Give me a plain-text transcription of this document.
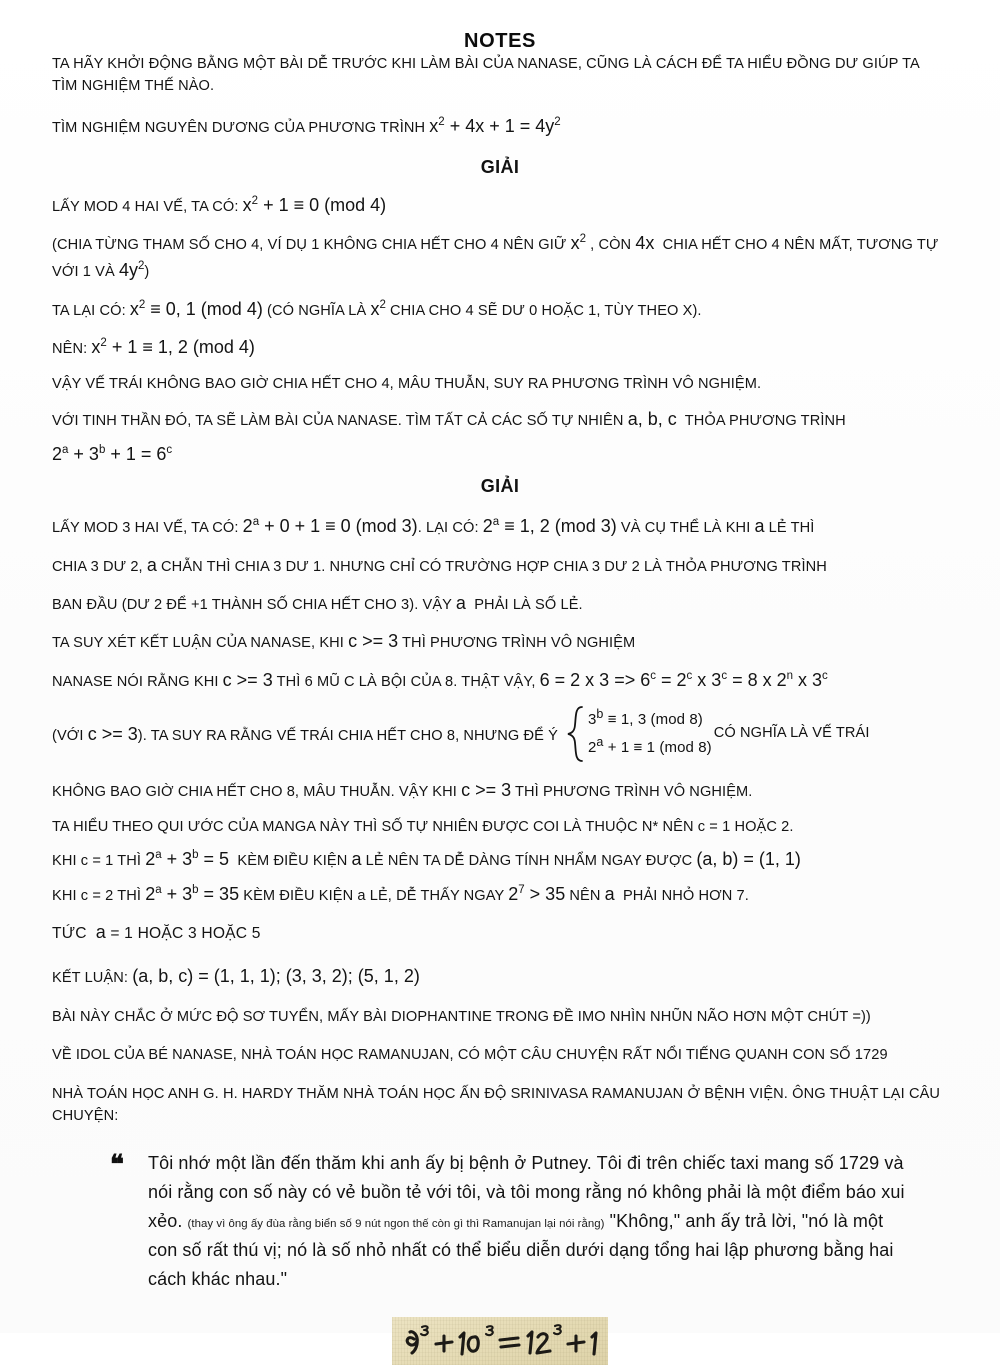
NOTES

TA HÃY KHỞI ĐỘNG BẰNG MỘT BÀI DỄ TRƯỚC KHI LÀM BÀI CỦA NANASE, CŨNG LÀ CÁCH ĐỂ TA HIỂU ĐỒNG DƯ GIÚP TA TÌM NGHIỆM THẾ NÀO.

TÌM NGHIỆM NGUYÊN DƯƠNG CỦA PHƯƠNG TRÌNH $x^2 + 4x + 1 = 4y^2$

GIẢI

LẤY MOD 4 HAI VẾ, TA CÓ: $x^2 + 1 \equiv 0$ (mod 4)

(CHIA TỪNG THAM SỐ CHO 4, VÍ DỤ 1 KHÔNG CHIA HẾT CHO 4 NÊN GIỮ $x^2$ , CÒN 4x  CHIA HẾT CHO 4 NÊN MẤT, TƯƠNG TỰ VỚI 1 VÀ $4y^2$)

TA LẠI CÓ: $x^2 \equiv 0$, 1 (mod 4) (CÓ NGHĨA LÀ $x^2$ CHIA CHO 4 SẼ DƯ 0 HOẶC 1, TÙY THEO X).

NÊN: $x^2 + 1 \equiv 1$, 2 (mod 4)

VẬY VẾ TRÁI KHÔNG BAO GIỜ CHIA HẾT CHO 4, MÂU THUẪN, SUY RA PHƯƠNG TRÌNH VÔ NGHIỆM.

VỚI TINH THẦN ĐÓ, TA SẼ LÀM BÀI CỦA NANASE. TÌM TẤT CẢ CÁC SỐ TỰ NHIÊN a, b, c  THỎA PHƯƠNG TRÌNH

$2^a + 3^b + 1 = 6^c$

GIẢI

LẤY MOD 3 HAI VẾ, TA CÓ: $2^a + 0 + 1 \equiv 0$ (mod 3). LẠI CÓ: $2^a \equiv 1$, 2 (mod 3) VÀ CỤ THỂ LÀ KHI a LẺ THÌ

CHIA 3 DƯ 2, a CHẴN THÌ CHIA 3 DƯ 1. NHƯNG CHỈ CÓ TRƯỜNG HỢP CHIA 3 DƯ 2 LÀ THỎA PHƯƠNG TRÌNH

BAN ĐẦU (DƯ 2 ĐỂ +1 THÀNH SỐ CHIA HẾT CHO 3). VẬY a  PHẢI LÀ SỐ LẺ.

TA SUY XÉT KẾT LUẬN CỦA NANASE, KHI c >= 3 THÌ PHƯƠNG TRÌNH VÔ NGHIỆM

NANASE NÓI RẰNG KHI c >= 3 THÌ 6 MŨ C LÀ BỘI CỦA 8. THẬT VẬY, 6 = 2 x $3 => 6^c = 2^c$ x $3^c = 8$ x 2$^n$ x 3$^c$

(VỚI c >= 3). TA SUY RA RẰNG VẾ TRÁI CHIA HẾT CHO 8, NHƯNG ĐỂ Ý
$3^b \equiv 1$, 3 (mod 8)
$2^a + 1 \equiv 1$ (mod 8)
CÓ NGHĨA LÀ VẾ TRÁI

KHÔNG BAO GIỜ CHIA HẾT CHO 8, MÂU THUẪN. VẬY KHI c >= 3 THÌ PHƯƠNG TRÌNH VÔ NGHIỆM.

TA HIỂU THEO QUI ƯỚC CỦA MANGA NÀY THÌ SỐ TỰ NHIÊN ĐƯỢC COI LÀ THUỘC N* NÊN c = 1 HOẶC 2.

KHI c = 1 THÌ $2^a + 3^b = 5$  KÈM ĐIỀU KIỆN a LẺ NÊN TA DỄ DÀNG TÍNH NHẨM NGAY ĐƯỢC (a, b) = (1, 1)

KHI c = 2 THÌ $2^a + 3^b = 35$ KÈM ĐIỀU KIỆN a LẺ, DỄ THẤY NGAY $2^7 > 35$ NÊN a  PHẢI NHỎ HƠN 7.

TỨC  a = 1 HOẶC 3 HOẶC 5

KẾT LUẬN: (a, b, c) = (1, 1, 1); (3, 3, 2); (5, 1, 2)

BÀI NÀY CHẮC Ở MỨC ĐỘ SƠ TUYỂN, MẤY BÀI DIOPHANTINE TRONG ĐỀ IMO NHÌN NHŨN NÃO HƠN MỘT CHÚT =))

VỀ IDOL CỦA BÉ NANASE, NHÀ TOÁN HỌC RAMANUJAN, CÓ MỘT CÂU CHUYỆN RẤT NỔI TIẾNG QUANH CON SỐ 1729

NHÀ TOÁN HỌC ANH G. H. HARDY THĂM NHÀ TOÁN HỌC ẤN ĐỘ SRINIVASA RAMANUJAN Ở BỆNH VIỆN. ÔNG THUẬT LẠI CÂU CHUYỆN:

❝ Tôi nhớ một lần đến thăm khi anh ấy bị bệnh ở Putney. Tôi đi trên chiếc taxi mang số 1729 và nói rằng con số này có vẻ buồn tẻ với tôi, và tôi mong rằng nó không phải là một điểm báo xui xẻo. (thay vì ông ấy đùa rằng biển số 9 nút ngon thế còn gì thì Ramanujan lại nói rằng) "Không," anh ấy trả lời, "nó là một con số rất thú vị; nó là số nhỏ nhất có thể biểu diễn dưới dạng tổng hai lập phương bằng hai cách khác nhau."
